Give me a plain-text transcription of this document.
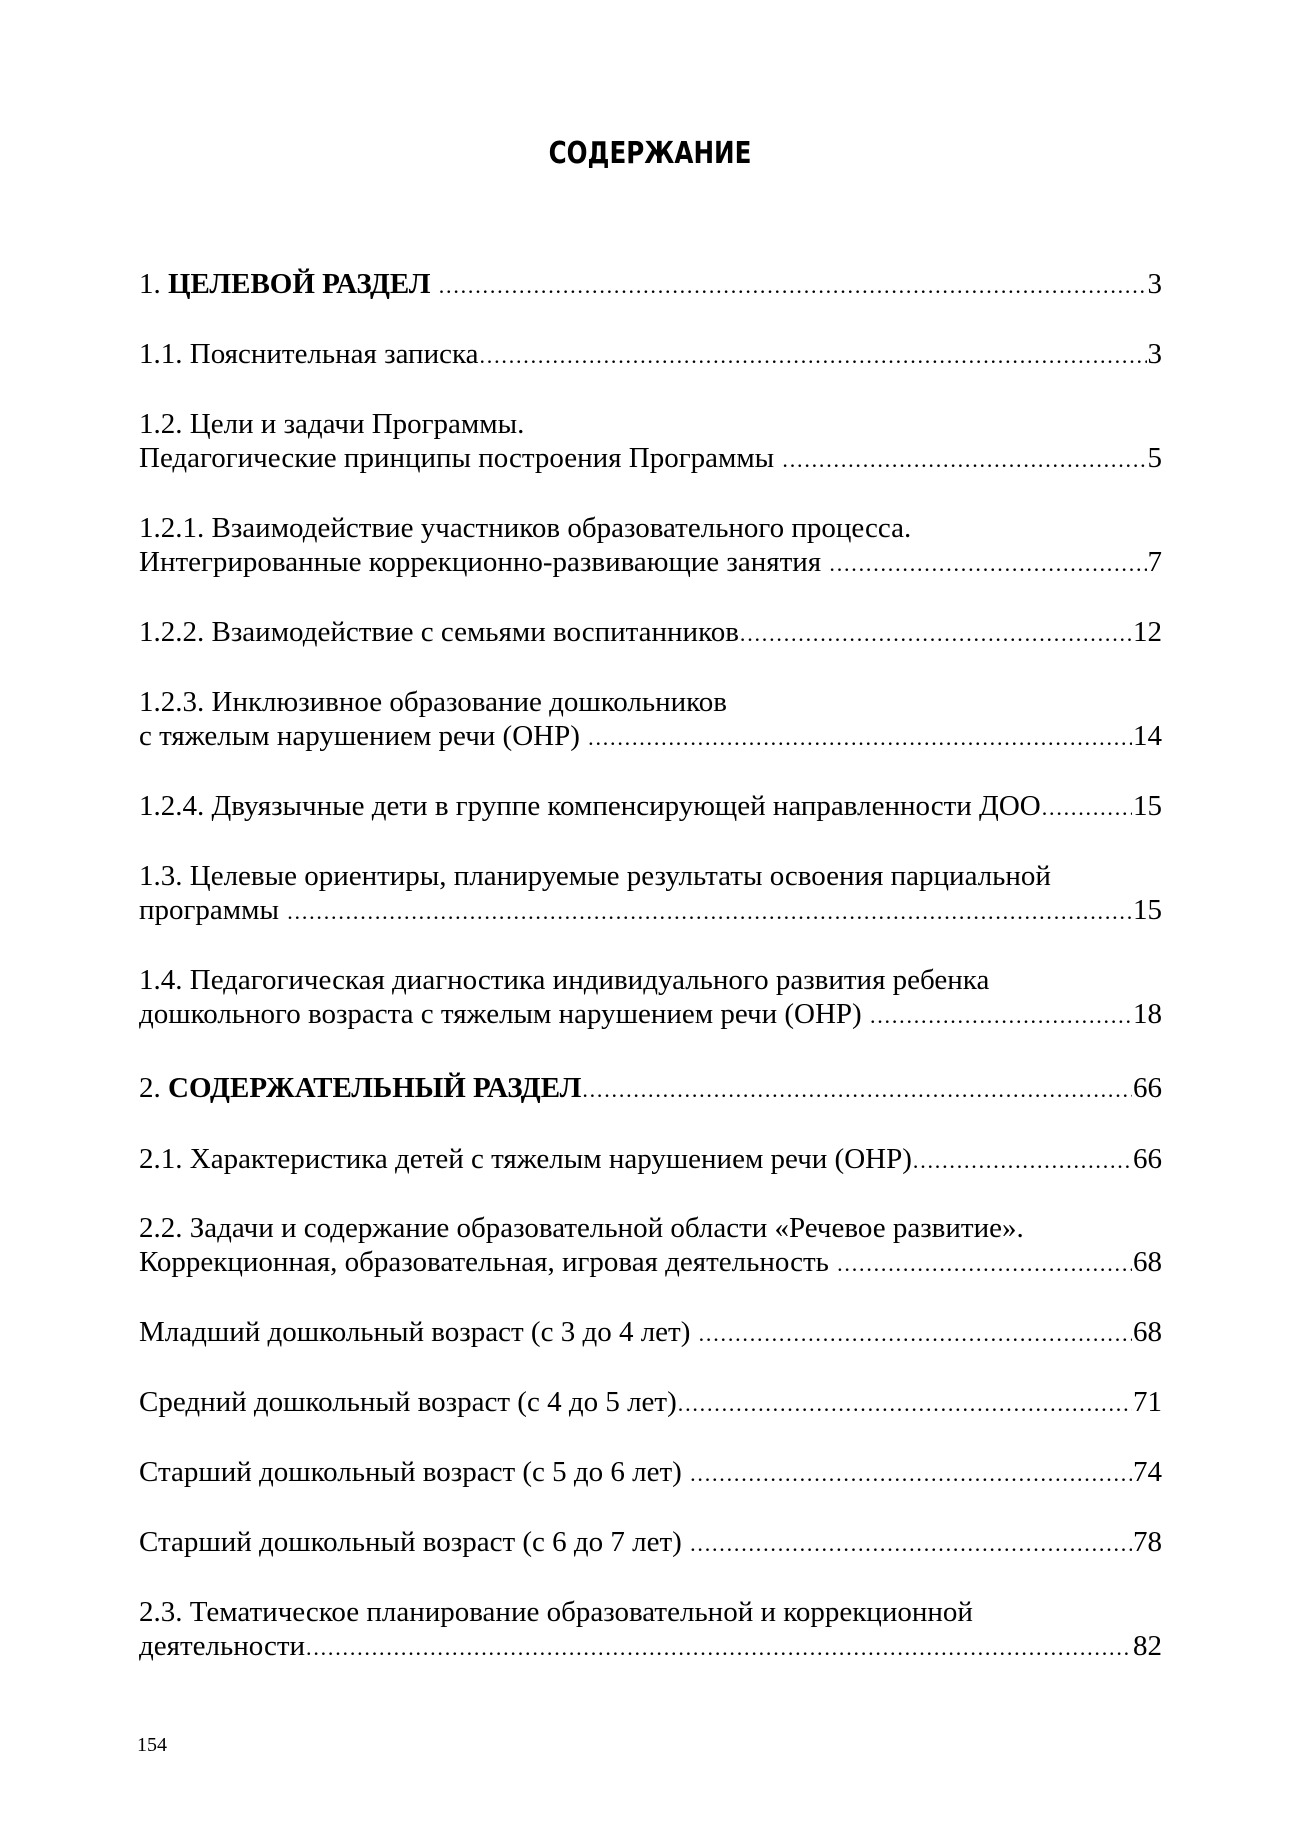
СОДЕРЖАНИЕ
1. ЦЕЛЕВОЙ РАЗДЕЛ .....	3
1.1. Пояснительная записка .....	3
1.2. Цели и задачи Программы.
Педагогические принципы построения Программы .....	5
1.2.1. Взаимодействие участников образовательного процесса.
Интегрированные коррекционно-развивающие занятия .....	7
1.2.2. Взаимодействие с семьями воспитанников .....	12
1.2.3. Инклюзивное образование дошкольников
с тяжелым нарушением речи (ОНР) .....	14
1.2.4. Двуязычные дети в группе компенсирующей направленности ДОО .....	15
1.3. Целевые ориентиры, планируемые результаты освоения парциальной
программы .....	15
1.4. Педагогическая диагностика индивидуального развития ребенка
дошкольного возраста с тяжелым нарушением речи (ОНР) .....	18
2. СОДЕРЖАТЕЛЬНЫЙ РАЗДЕЛ .....	66
2.1. Характеристика детей с тяжелым нарушением речи (ОНР) .....	66
2.2. Задачи и содержание образовательной области «Речевое развитие».
Коррекционная, образовательная, игровая деятельность .....	68
Младший дошкольный возраст (с 3 до 4 лет) .....	68
Средний дошкольный возраст (с 4 до 5 лет) .....	71
Старший дошкольный возраст (с 5 до 6 лет) .....	74
Старший дошкольный возраст (с 6 до 7 лет) .....	78
2.3. Тематическое планирование образовательной и коррекционной
деятельности .....	82
154
